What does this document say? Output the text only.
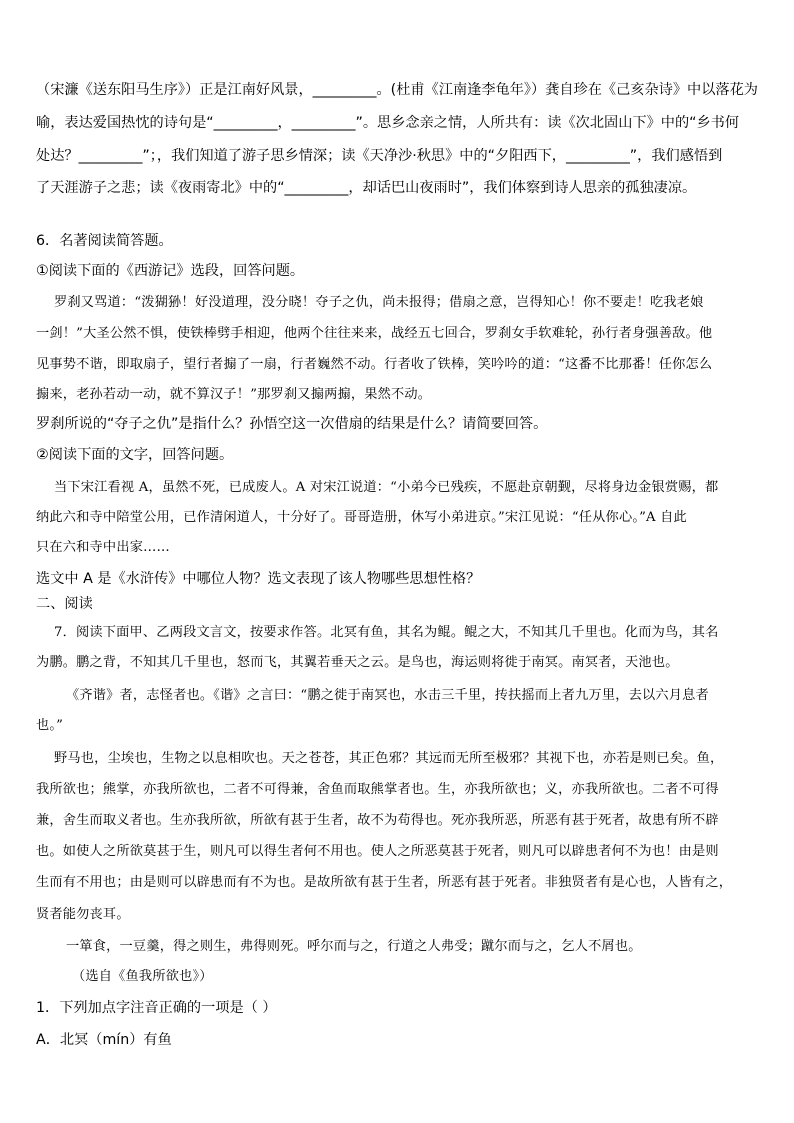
（宋濂《送东阳马生序》）正是江南好风景，_________。(杜甫《江南逢李龟年》）龚自珍在《己亥杂诗》中以落花为
喻，表达爱国热忱的诗句是“_________，_________”。思乡念亲之情，人所共有：读《次北固山下》中的“乡书何
处达？_________”；，我们知道了游子思乡情深；读《天净沙·秋思》中的“夕阳西下，_________”，我们感悟到
了天涯游子之悲；读《夜雨寄北》中的“_________，却话巴山夜雨时”，我们体察到诗人思亲的孤独凄凉。
6．名著阅读简答题。
①阅读下面的《西游记》选段，回答问题。
罗刹又骂道：“泼猢狲！好没道理，没分晓！夺子之仇，尚未报得；借扇之意，岂得知心！你不要走！吃我老娘
一剑！”大圣公然不惧，使铁棒劈手相迎，他两个往往来来，战经五七回合，罗刹女手软难轮，孙行者身强善敌。他
见事势不谐，即取扇子，望行者搧了一扇，行者巍然不动。行者收了铁棒，笑吟吟的道：“这番不比那番！任你怎么
搧来，老孙若动一动，就不算汉子！”那罗刹又搧两搧，果然不动。
罗刹所说的“夺子之仇”是指什么？孙悟空这一次借扇的结果是什么？请简要回答。
②阅读下面的文字，回答问题。
当下宋江看视 A，虽然不死，已成废人。A 对宋江说道：“小弟今已残疾，不愿赴京朝觐，尽将身边金银赏赐，都
纳此六和寺中陪堂公用，已作清闲道人，十分好了。哥哥造册，休写小弟进京。”宋江见说：“任从你心。”A 自此
只在六和寺中出家……
选文中 A 是《水浒传》中哪位人物？选文表现了该人物哪些思想性格？
二、阅读
7．阅读下面甲、乙两段文言文，按要求作答。北冥有鱼，其名为鲲。鲲之大，不知其几千里也。化而为鸟，其名
为鹏。鹏之背，不知其几千里也，怒而飞，其翼若垂天之云。是鸟也，海运则将徙于南冥。南冥者，天池也。
《齐谐》者，志怪者也。《谐》之言曰：“鹏之徙于南冥也，水击三千里，抟扶摇而上者九万里，去以六月息者
也。”
野马也，尘埃也，生物之以息相吹也。天之苍苍，其正色邪？其远而无所至极邪？其视下也，亦若是则已矣。鱼，
我所欲也；熊掌，亦我所欲也，二者不可得兼，舍鱼而取熊掌者也。生，亦我所欲也；义，亦我所欲也。二者不可得
兼，舍生而取义者也。生亦我所欲，所欲有甚于生者，故不为苟得也。死亦我所恶，所恶有甚于死者，故患有所不辟
也。如使人之所欲莫甚于生，则凡可以得生者何不用也。使人之所恶莫甚于死者，则凡可以辟患者何不为也！由是则
生而有不用也；由是则可以辟患而有不为也。是故所欲有甚于生者，所恶有甚于死者。非独贤者有是心也，人皆有之，
贤者能勿丧耳。
一箪食，一豆羹，得之则生，弗得则死。呼尔而与之，行道之人弗受；蹴尔而与之，乞人不屑也。
（选自《鱼我所欲也》）
1．下列加点字注音正确的一项是（ ）
A．北冥（mín）有鱼
